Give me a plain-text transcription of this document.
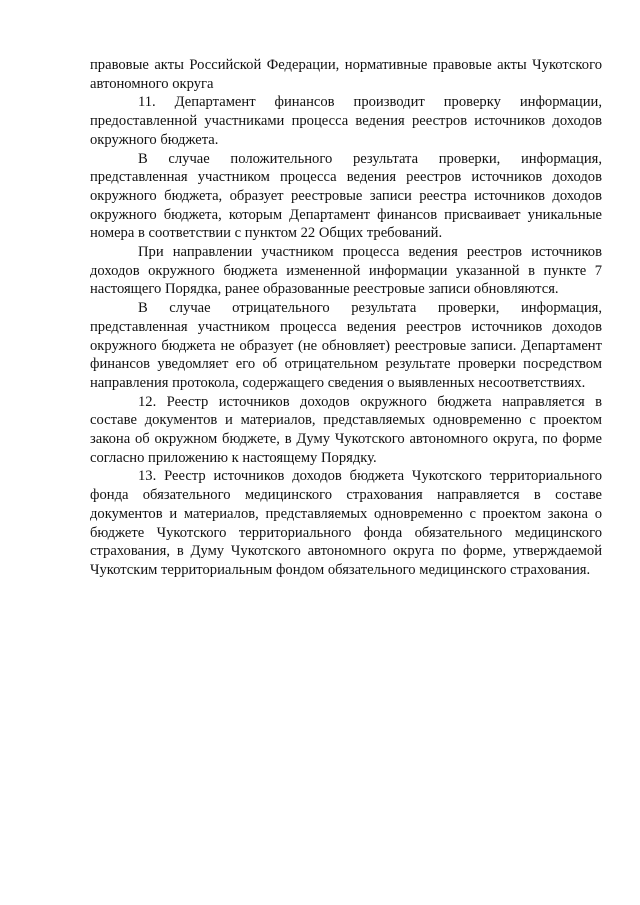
правовые акты Российской Федерации, нормативные правовые акты Чукотского автономного округа

11. Департамент финансов производит проверку информации, предоставленной участниками процесса ведения реестров источников доходов окружного бюджета.

В случае положительного результата проверки, информация, представленная участником процесса ведения реестров источников доходов окружного бюджета, образует реестровые записи реестра источников доходов окружного бюджета, которым Департамент финансов присваивает уникальные номера в соответствии с пунктом 22 Общих требований.

При направлении участником процесса ведения реестров источников доходов окружного бюджета измененной информации указанной в пункте 7 настоящего Порядка, ранее образованные реестровые записи обновляются.

В случае отрицательного результата проверки, информация, представленная участником процесса ведения реестров источников доходов окружного бюджета не образует (не обновляет) реестровые записи. Департамент финансов уведомляет его об отрицательном результате проверки посредством направления протокола, содержащего сведения о выявленных несоответствиях.

12. Реестр источников доходов окружного бюджета направляется в составе документов и материалов, представляемых одновременно с проектом закона об окружном бюджете, в Думу Чукотского автономного округа, по форме согласно приложению к настоящему Порядку.

13. Реестр источников доходов бюджета Чукотского территориального фонда обязательного медицинского страхования направляется в составе документов и материалов, представляемых одновременно с проектом закона о бюджете Чукотского территориального фонда обязательного медицинского страхования, в Думу Чукотского автономного округа по форме, утверждаемой Чукотским территориальным фондом обязательного медицинского страхования.
